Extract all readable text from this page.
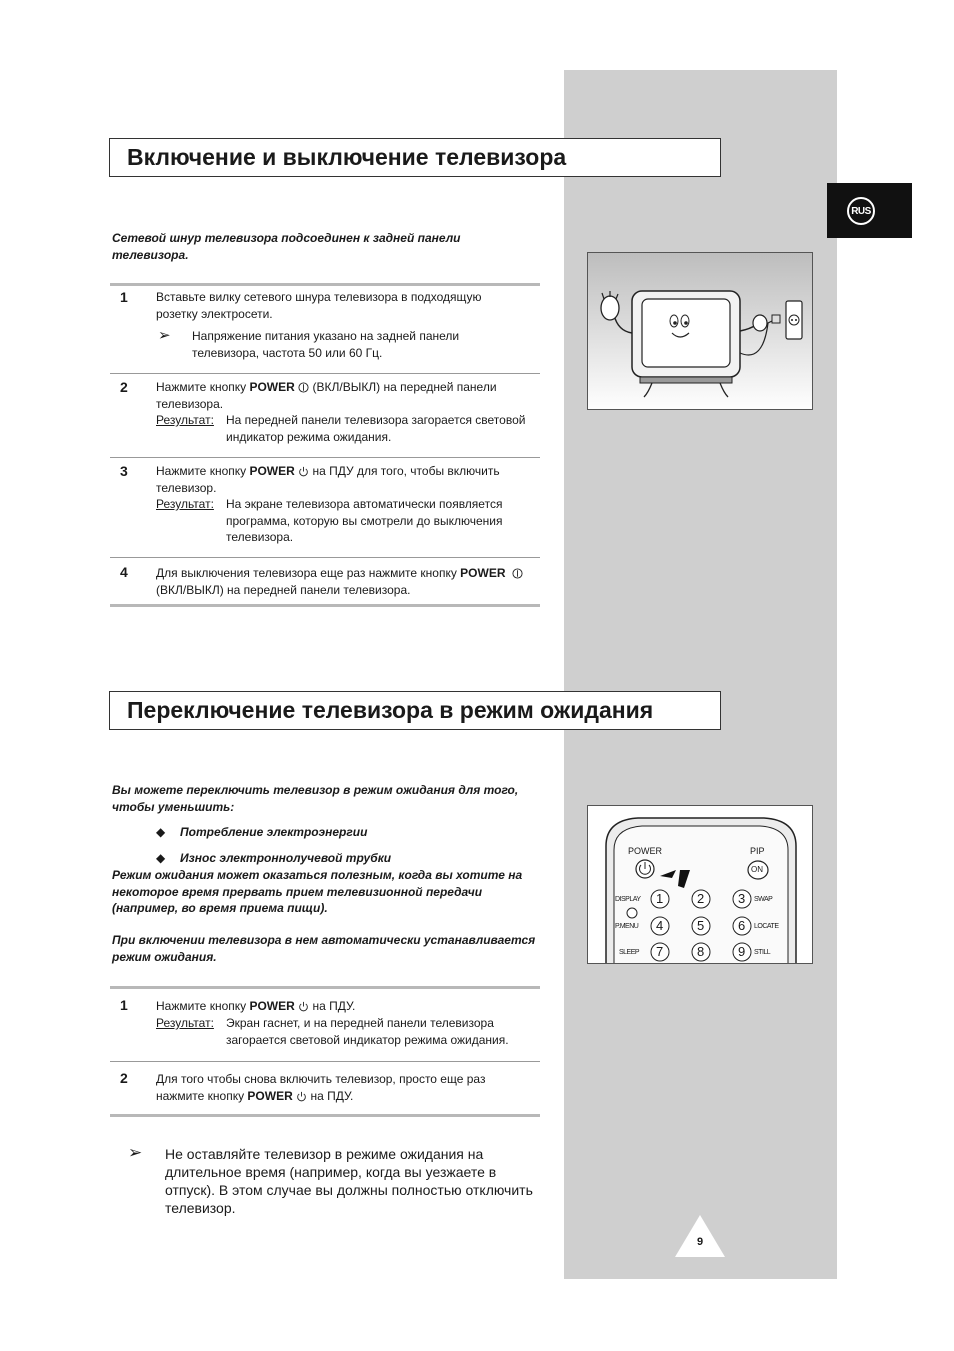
RUS
Включение и выключение телевизора
Сетевой шнур телевизора подсоединен к задней панели
телевизора.
1 Вставьте вилку сетевого шнура телевизора в подходящую
розетку электросети.
➢ Напряжение питания указано на задней панели
телевизора, частота 50 или 60 Гц.
2 Нажмите кнопку POWER  (ВКЛ/ВЫКЛ) на передней панели
телевизора.
Результат: На передней панели телевизора загорается световой
индикатор режима ожидания.
3 Нажмите кнопку POWER  на ПДУ для того, чтобы включить
телевизор.
Результат: На экране телевизора автоматически появляется
программа, которую вы смотрели до выключения
телевизора.
4 Для выключения телевизора еще раз нажмите кнопку POWER
(ВКЛ/ВЫКЛ) на передней панели телевизора.
Переключение телевизора в режим ожидания
Вы можете переключить телевизор в режим ожидания для того,
чтобы уменьшить:
◆ Потребление электроэнергии
◆ Износ электроннолучевой трубки
Режим ожидания может оказаться полезным, когда вы хотите на
некоторое время прервать прием телевизионной передачи
(например, во время приема пищи).
При включении телевизора в нем автоматически устанавливается
режим ожидания.
1 Нажмите кнопку POWER  на ПДУ.
Результат: Экран гаснет, и на передней панели телевизора
загорается световой индикатор режима ожидания.
2 Для того чтобы снова включить телевизор, просто еще раз
нажмите кнопку POWER  на ПДУ.
➢ Не оставляйте телевизор в режиме ожидания на
длительное время (например, когда вы уезжаете в
отпуск). В этом случае вы должны полностью отключить
телевизор.
POWER	PIP
ON
DISPLAY
P.MENU
SLEEP
SWAP
LOCATE
STILL
1	2	3
4	5	6
7	8	9
9
